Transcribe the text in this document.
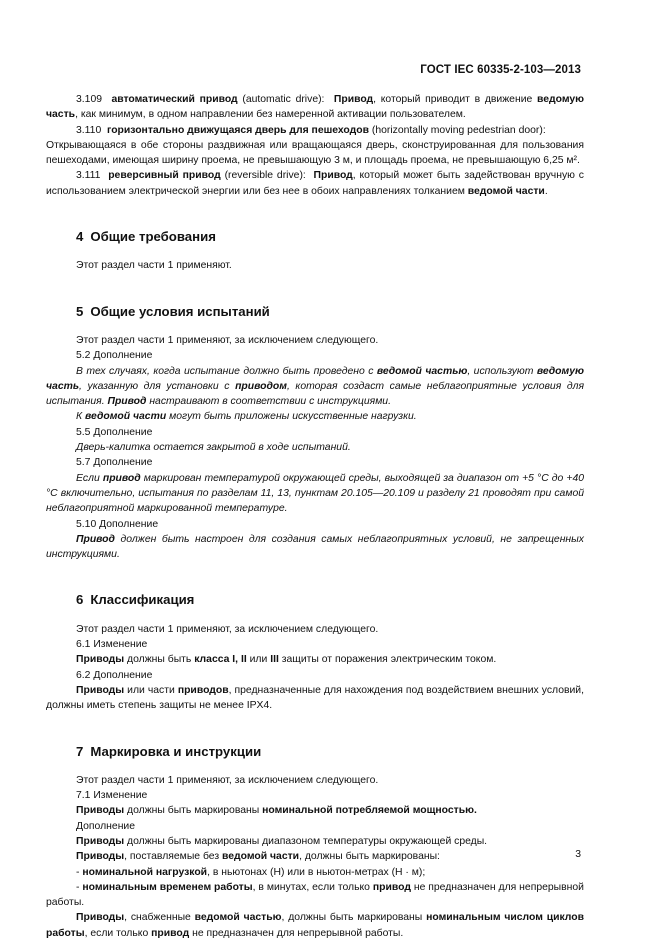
ГОСТ IEC 60335-2-103—2013

3.109 автоматический привод (automatic drive): Привод, который приводит в движение ведомую часть, как минимум, в одном направлении без намеренной активации пользователем.

3.110 горизонтально движущаяся дверь для пешеходов (horizontally moving pedestrian door):

Открывающаяся в обе стороны раздвижная или вращающаяся дверь, сконструированная для пользования пешеходами, имеющая ширину проема, не превышающую 3 м, и площадь проема, не превышающую 6,25 м².

3.111 реверсивный привод (reversible drive): Привод, который может быть задействован вручную с использованием электрической энергии или без нее в обоих направлениях толканием ведомой части.

4 Общие требования

Этот раздел части 1 применяют.

5 Общие условия испытаний

Этот раздел части 1 применяют, за исключением следующего.

5.2 Дополнение

В тех случаях, когда испытание должно быть проведено с ведомой частью, используют ведомую часть, указанную для установки с приводом, которая создаст самые неблагоприятные условия для испытания. Привод настраивают в соответствии с инструкциями.

К ведомой части могут быть приложены искусственные нагрузки.

5.5 Дополнение

Дверь-калитка остается закрытой в ходе испытаний.

5.7 Дополнение

Если привод маркирован температурой окружающей среды, выходящей за диапазон от +5 °C до +40 °C включительно, испытания по разделам 11, 13, пунктам 20.105—20.109 и разделу 21 проводят при самой неблагоприятной маркированной температуре.

5.10 Дополнение

Привод должен быть настроен для создания самых неблагоприятных условий, не запрещенных инструкциями.

6 Классификация

Этот раздел части 1 применяют, за исключением следующего.

6.1 Изменение

Приводы должны быть класса I, II или III защиты от поражения электрическим током.

6.2 Дополнение

Приводы или части приводов, предназначенные для нахождения под воздействием внешних условий, должны иметь степень защиты не менее IPX4.

7 Маркировка и инструкции

Этот раздел части 1 применяют, за исключением следующего.

7.1 Изменение

Приводы должны быть маркированы номинальной потребляемой мощностью.

Дополнение

Приводы должны быть маркированы диапазоном температуры окружающей среды.

Приводы, поставляемые без ведомой части, должны быть маркированы:

- номинальной нагрузкой, в ньютонах (Н) или в ньютон-метрах (Н · м);

- номинальным временем работы, в минутах, если только привод не предназначен для непрерывной работы.

Приводы, снабженные ведомой частью, должны быть маркированы номинальным числом циклов работы, если только привод не предназначен для непрерывной работы.

3
